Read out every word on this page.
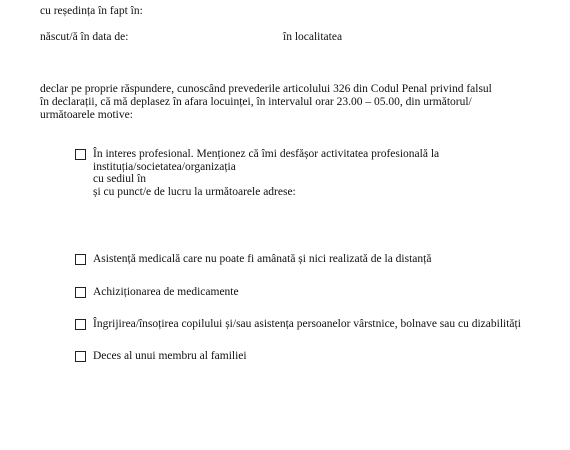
cu reședința în fapt în:
născut/ă în data de:	în localitatea
declar pe proprie răspundere, cunoscând prevederile articolului 326 din Codul Penal privind falsul
în declarații, că mă deplasez în afara locuinței, în intervalul orar 23.00 – 05.00, din următorul/
următoarele motive:
În interes profesional. Menționez că îmi desfășor activitatea profesională la
instituția/societatea/organizația
cu sediul în
și cu punct/e de lucru la următoarele adrese:
Asistență medicală care nu poate fi amânată și nici realizată de la distanță
Achiziționarea de medicamente
Îngrijirea/însoțirea copilului și/sau asistența persoanelor vârstnice, bolnave sau cu dizabilități
Deces al unui membru al familiei
